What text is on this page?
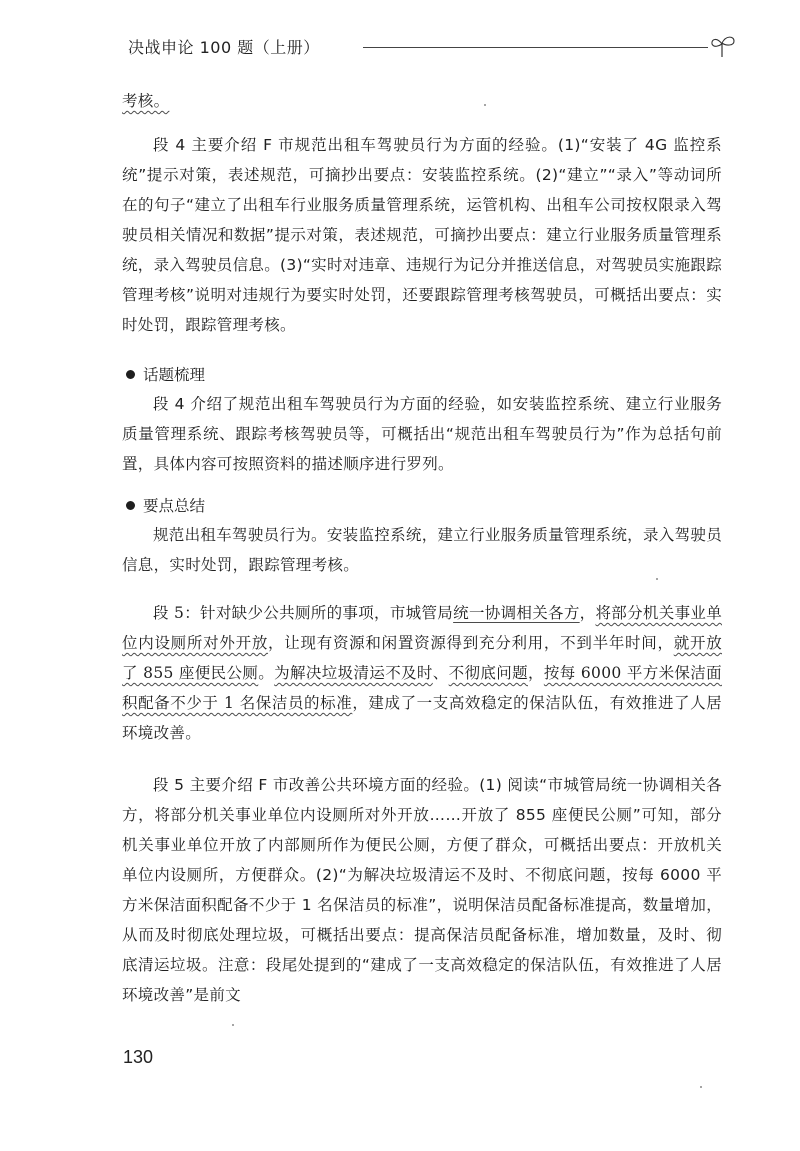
决战申论 100 题（上册）

考核。

段 4 主要介绍 F 市规范出租车驾驶员行为方面的经验。(1)“安装了 4G 监控系统”提示对策，表述规范，可摘抄出要点：安装监控系统。(2)“建立”“录入”等动词所在的句子“建立了出租车行业服务质量管理系统，运管机构、出租车公司按权限录入驾驶员相关情况和数据”提示对策，表述规范，可摘抄出要点：建立行业服务质量管理系统，录入驾驶员信息。(3)“实时对违章、违规行为记分并推送信息，对驾驶员实施跟踪管理考核”说明对违规行为要实时处罚，还要跟踪管理考核驾驶员，可概括出要点：实时处罚，跟踪管理考核。

话题梳理

段 4 介绍了规范出租车驾驶员行为方面的经验，如安装监控系统、建立行业服务质量管理系统、跟踪考核驾驶员等，可概括出“规范出租车驾驶员行为”作为总括句前置，具体内容可按照资料的描述顺序进行罗列。

要点总结

规范出租车驾驶员行为。安装监控系统，建立行业服务质量管理系统，录入驾驶员信息，实时处罚，跟踪管理考核。

段 5：针对缺少公共厕所的事项，市城管局统一协调相关各方，将部分机关事业单位内设厕所对外开放，让现有资源和闲置资源得到充分利用，不到半年时间，就开放了 855 座便民公厕。为解决垃圾清运不及时、不彻底问题，按每 6000 平方米保洁面积配备不少于 1 名保洁员的标准，建成了一支高效稳定的保洁队伍，有效推进了人居环境改善。

段 5 主要介绍 F 市改善公共环境方面的经验。(1) 阅读“市城管局统一协调相关各方，将部分机关事业单位内设厕所对外开放……开放了 855 座便民公厕”可知，部分机关事业单位开放了内部厕所作为便民公厕，方便了群众，可概括出要点：开放机关单位内设厕所，方便群众。(2)“为解决垃圾清运不及时、不彻底问题，按每 6000 平方米保洁面积配备不少于 1 名保洁员的标准”，说明保洁员配备标准提高，数量增加，从而及时彻底处理垃圾，可概括出要点：提高保洁员配备标准，增加数量，及时、彻底清运垃圾。注意：段尾处提到的“建成了一支高效稳定的保洁队伍，有效推进了人居环境改善”是前文

130
